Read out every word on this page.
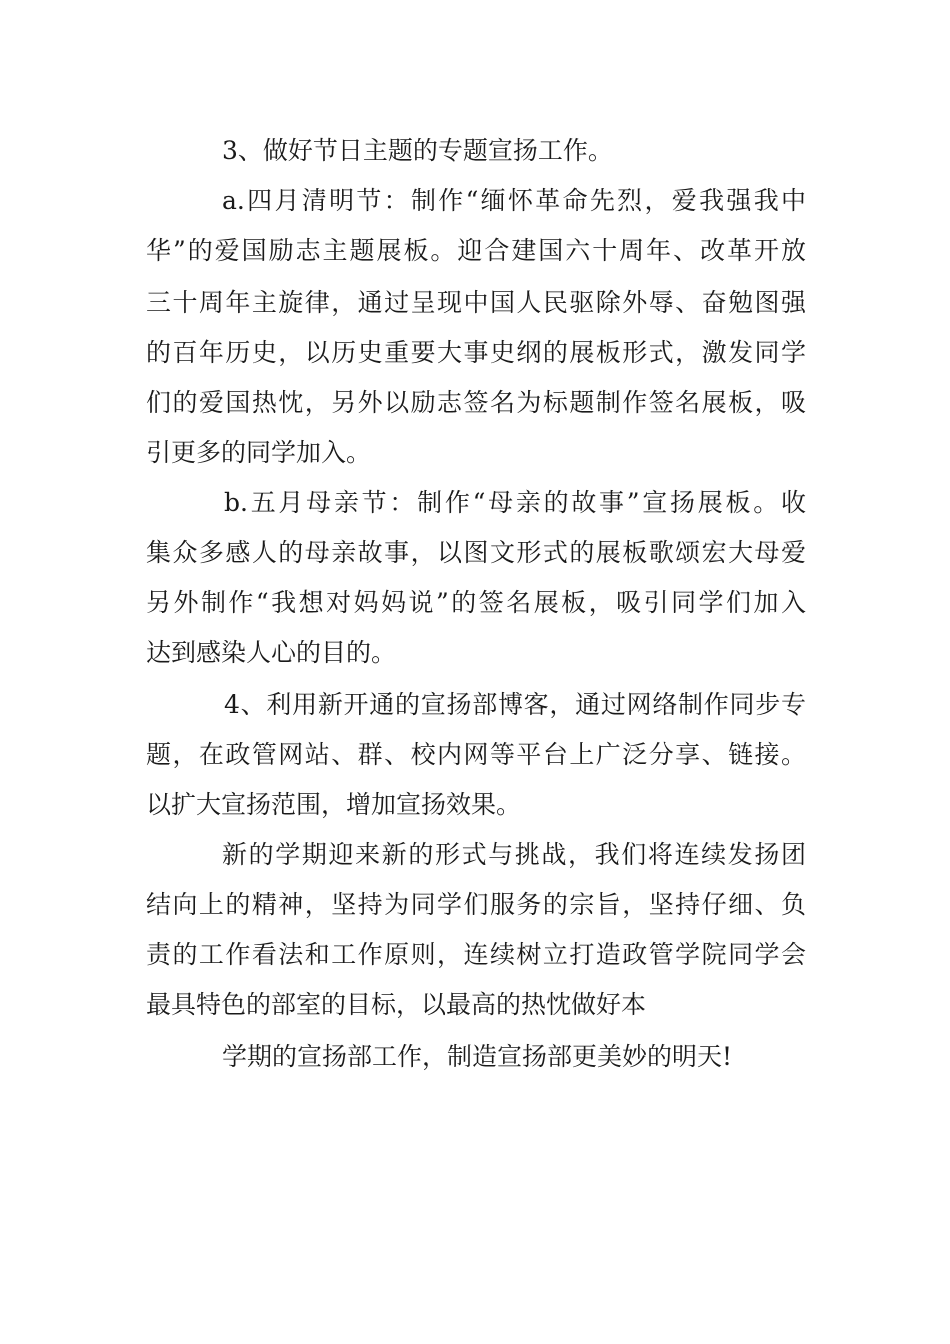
3、做好节日主题的专题宣扬工作。
a.四月清明节：制作“缅怀革命先烈，爱我强我中
华”的爱国励志主题展板。迎合建国六十周年、改革开放
三十周年主旋律，通过呈现中国人民驱除外辱、奋勉图强
的百年历史，以历史重要大事史纲的展板形式，激发同学
们的爱国热忱，另外以励志签名为标题制作签名展板，吸
引更多的同学加入。
b.五月母亲节：制作“母亲的故事”宣扬展板。收
集众多感人的母亲故事，以图文形式的展板歌颂宏大母爱
另外制作“我想对妈妈说”的签名展板，吸引同学们加入
达到感染人心的目的。
4、利用新开通的宣扬部博客，通过网络制作同步专
题，在政管网站、群、校内网等平台上广泛分享、链接。
以扩大宣扬范围，增加宣扬效果。
新的学期迎来新的形式与挑战，我们将连续发扬团
结向上的精神，坚持为同学们服务的宗旨，坚持仔细、负
责的工作看法和工作原则，连续树立打造政管学院同学会
最具特色的部室的目标，以最高的热忱做好本
学期的宣扬部工作，制造宣扬部更美妙的明天!
